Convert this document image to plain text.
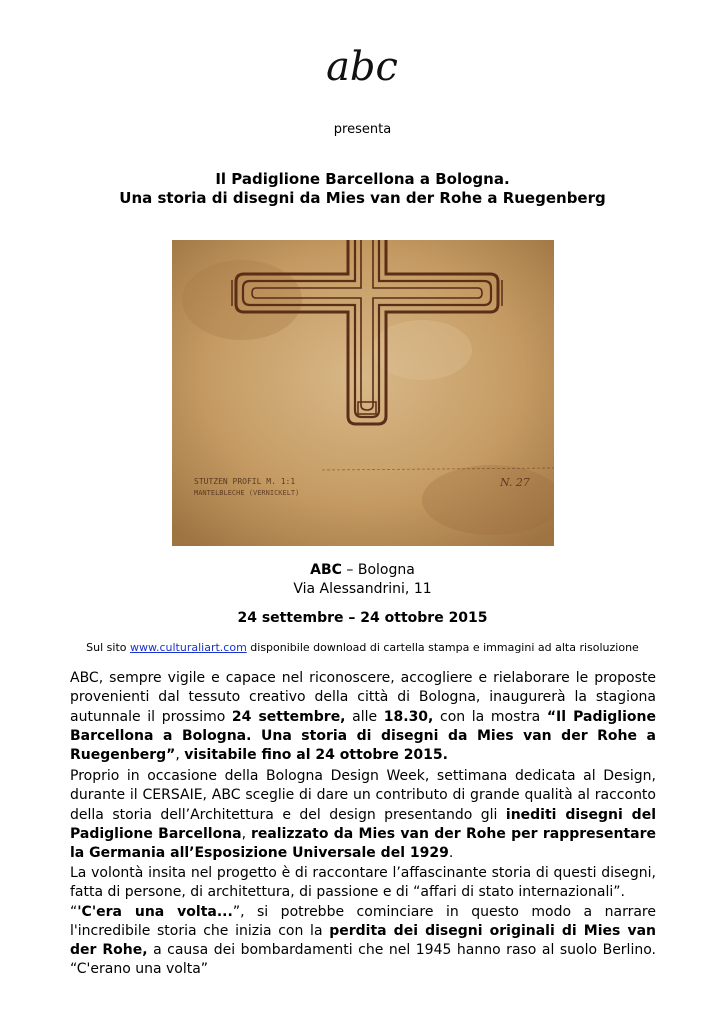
abc
presenta
Il Padiglione Barcellona a Bologna.
Una storia di disegni da Mies van der Rohe a Ruegenberg
STUTZEN PROFIL M. 1:1
MANTELBLECHE (VERNICKELT)
N. 27
ABC – Bologna
Via Alessandrini, 11
24 settembre – 24 ottobre 2015
Sul sito www.culturaliart.com disponibile download di cartella stampa e immagini ad alta risoluzione

ABC, sempre vigile e capace nel riconoscere, accogliere e rielaborare le proposte provenienti dal tessuto creativo della città di Bologna, inaugurerà la stagiona autunnale il prossimo 24 settembre, alle 18.30, con la mostra “Il Padiglione Barcellona a Bologna. Una storia di disegni da Mies van der Rohe a Ruegenberg”, visitabile fino al 24 ottobre 2015.

Proprio in occasione della Bologna Design Week, settimana dedicata al Design, durante il CERSAIE, ABC sceglie di dare un contributo di grande qualità al racconto della storia dell’Architettura e del design presentando gli inediti disegni del Padiglione Barcellona, realizzato da Mies van der Rohe per rappresentare la Germania all’Esposizione Universale del 1929.

La volontà insita nel progetto è di raccontare l’affascinante storia di questi disegni, fatta di persone, di architettura, di passione e di “affari di stato internazionali”.
“'C'era una volta...”, si potrebbe cominciare in questo modo a narrare l'incredibile storia che inizia con la perdita dei disegni originali di Mies van der Rohe, a causa dei bombardamenti che nel 1945 hanno raso al suolo Berlino. “C'erano una volta”
